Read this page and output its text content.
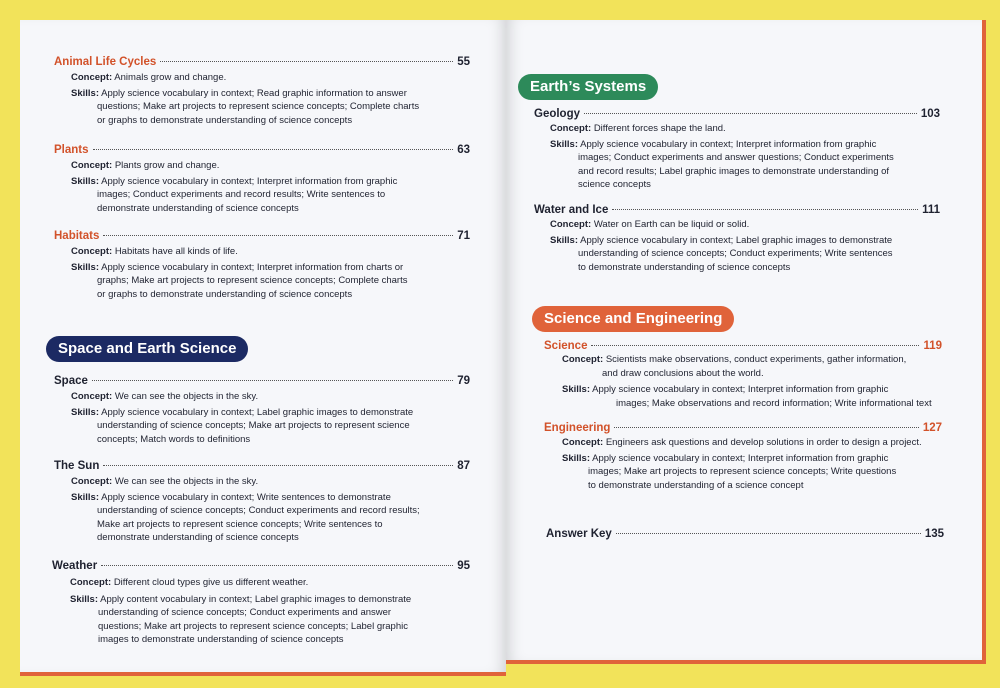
Animal Life Cycles	55
Concept: Animals grow and change.
Skills: Apply science vocabulary in context; Read graphic information to answer
questions; Make art projects to represent science concepts; Complete charts
or graphs to demonstrate understanding of science concepts
Plants	63
Concept: Plants grow and change.
Skills: Apply science vocabulary in context; Interpret information from graphic
images; Conduct experiments and record results; Write sentences to
demonstrate understanding of science concepts
Habitats	71
Concept: Habitats have all kinds of life.
Skills: Apply science vocabulary in context; Interpret information from charts or
graphs; Make art projects to represent science concepts; Complete charts
or graphs to demonstrate understanding of science concepts
Space and Earth Science
Space	79
Concept: We can see the objects in the sky.
Skills: Apply science vocabulary in context; Label graphic images to demonstrate
understanding of science concepts; Make art projects to represent science
concepts; Match words to definitions
The Sun	87
Concept: We can see the objects in the sky.
Skills: Apply science vocabulary in context; Write sentences to demonstrate
understanding of science concepts; Conduct experiments and record results;
Make art projects to represent science concepts; Write sentences to
demonstrate understanding of science concepts
Weather	95
Concept: Different cloud types give us different weather.
Skills: Apply content vocabulary in context; Label graphic images to demonstrate
understanding of science concepts; Conduct experiments and answer
questions; Make art projects to represent science concepts; Label graphic
images to demonstrate understanding of science concepts
Earth’s Systems
Geology	103
Concept: Different forces shape the land.
Skills: Apply science vocabulary in context; Interpret information from graphic
images; Conduct experiments and answer questions; Conduct experiments
and record results; Label graphic images to demonstrate understanding of
science concepts
Water and Ice	111
Concept: Water on Earth can be liquid or solid.
Skills: Apply science vocabulary in context; Label graphic images to demonstrate
understanding of science concepts; Conduct experiments; Write sentences
to demonstrate understanding of science concepts
Science and Engineering
Science	119
Concept: Scientists make observations, conduct experiments, gather information,
and draw conclusions about the world.
Skills: Apply science vocabulary in context; Interpret information from graphic
images; Make observations and record information; Write informational text
Engineering	127
Concept: Engineers ask questions and develop solutions in order to design a project.
Skills: Apply science vocabulary in context; Interpret information from graphic
images; Make art projects to represent science concepts; Write questions
to demonstrate understanding of a science concept
Answer Key	135
